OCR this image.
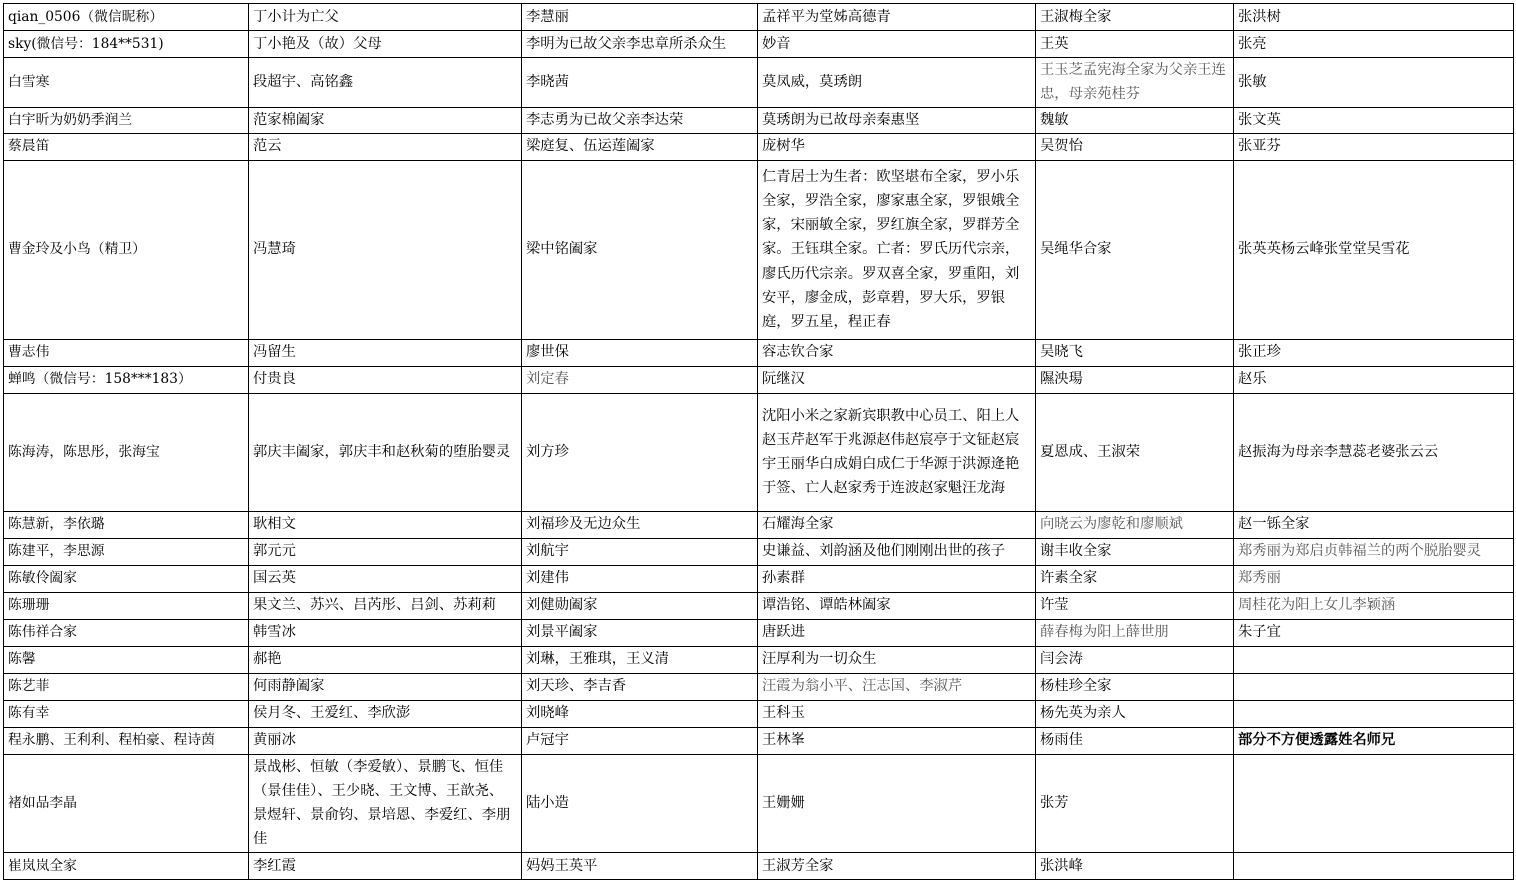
qian_0506（微信昵称）	丁小计为亡父	李慧丽	孟祥平为堂姊高德青	王淑梅全家	张洪树
sky(微信号：184**531)	丁小艳及（故）父母	李明为已故父亲李忠章所杀众生	妙音	王英	张亮
白雪寒	段超宇、高铭鑫	李晓茜	莫凤威，莫琇朗	王玉芝孟宪海全家为父亲王连忠，母亲苑桂芬	张敏
白宇昕为奶奶季润兰	范家棉阖家	李志勇为已故父亲李达荣	莫琇朗为已故母亲秦惠坚	魏敏	张文英
蔡晨笛	范云	梁庭复、伍运莲阖家	庞树华	吴贺怡	张亚芬
曹金玲及小鸟（精卫）	冯慧琦	梁中铭阖家	仁青居士为生者：欧坚堪布全家，罗小乐全家，罗浩全家，廖家惠全家，罗银娥全家，宋丽敏全家，罗红旗全家，罗群芳全家。王钰琪全家。亡者：罗氏历代宗亲，廖氏历代宗亲。罗双喜全家，罗重阳，刘安平，廖金成，彭章碧，罗大乐，罗银庭，罗五星，程正春	吴绳华合家	张英英杨云峰张堂堂吴雪花
曹志伟	冯留生	廖世保	容志钦合家	吴晓飞	张正珍
蝉鸣（微信号：158***183）	付贵良	刘定春	阮继汉	隰泱瑒	赵乐
陈海涛，陈思彤，张海宝	郭庆丰阖家，郭庆丰和赵秋菊的堕胎婴灵	刘方珍	沈阳小米之家新宾职教中心员工、阳上人赵玉芹赵军于兆源赵伟赵宸亭于文钲赵宸宇王丽华白成娟白成仁于华源于洪源逄艳于签、亡人赵家秀于连波赵家魁汪龙海	夏恩成、王淑荣	赵振海为母亲李慧蕊老婆张云云
陈慧新，李依璐	耿相文	刘福珍及无边众生	石耀海全家	向晓云为廖乾和廖顺斌	赵一铄全家
陈建平，李思源	郭元元	刘航宇	史谦益、刘韵涵及他们刚刚出世的孩子	谢丰收全家	郑秀丽为郑启贞韩福兰的两个脱胎婴灵
陈敏伶阖家	国云英	刘建伟	孙素群	许素全家	郑秀丽
陈珊珊	果文兰、苏兴、吕芮彤、吕剑、苏莉莉	刘健勋阖家	谭浩铭、谭皓林阖家	许莹	周桂花为阳上女儿李颖涵
陈伟祥合家	韩雪冰	刘景平阖家	唐跃进	薛春梅为阳上薛世朋	朱子宜
陈馨	郝艳	刘琳，王雅琪，王义清	汪厚利为一切众生	闫会涛	
陈艺菲	何雨静阖家	刘天珍、李吉香	汪霞为翁小平、汪志国、李淑芹	杨桂珍全家	
陈有幸	侯月冬、王爱红、李欣澎	刘晓峰	王科玉	杨先英为亲人	
程永鹏、王利利、程柏豪、程诗茵	黄丽冰	卢冠宇	王林峯	杨雨佳	部分不方便透露姓名师兄
褚如品李晶	景战彬、恒敏（李爱敏）、景鹏飞、恒佳（景佳佳）、王少晓、王文博、王歆尧、景煜轩、景俞钧、景培恩、李爱红、李朋佳	陆小造	王姗姗	张芳	
崔岚岚全家	李红霞	妈妈王英平	王淑芳全家	张洪峰	
